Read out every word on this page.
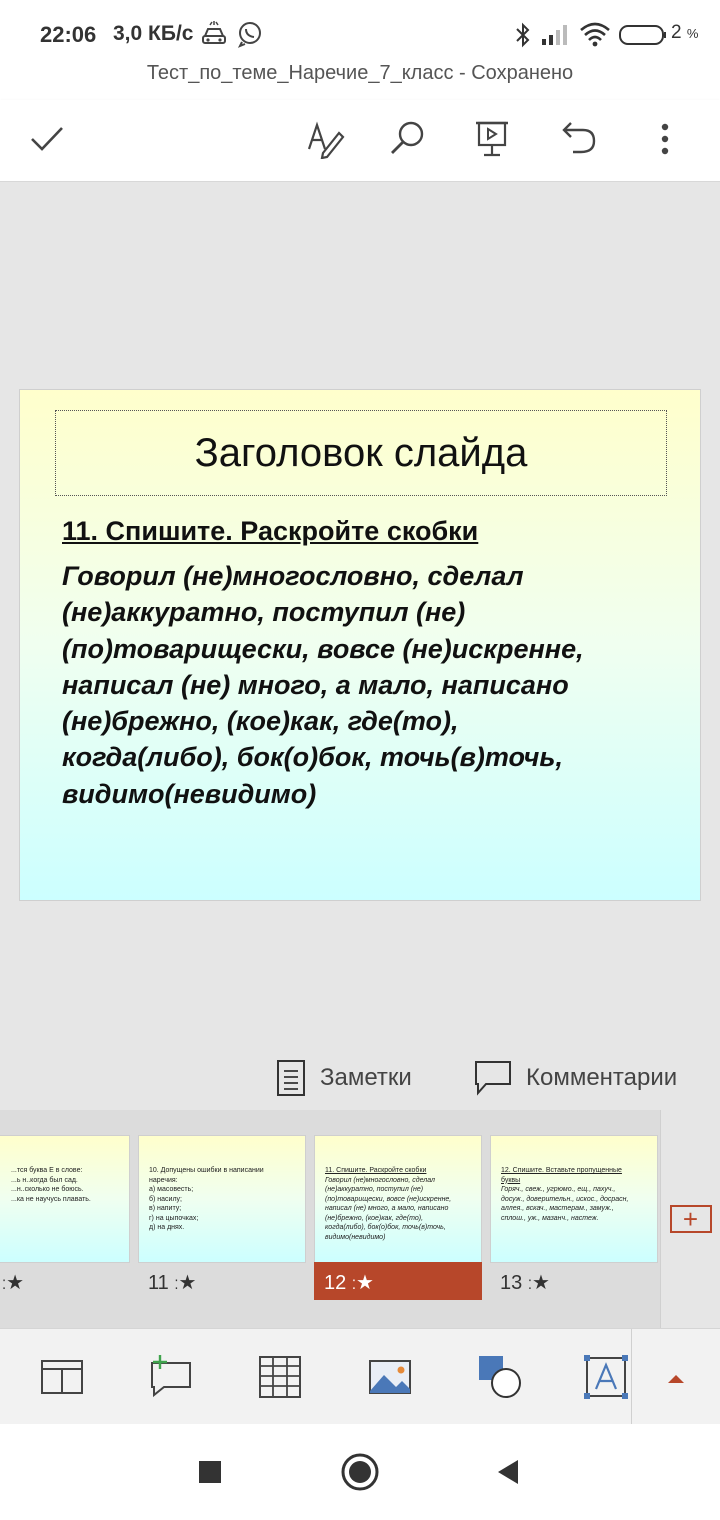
22:06 3,0 КБ/с	2 %
Тест_по_теме_Наречие_7_класс - Сохранено
Заголовок слайда
11. Спишите. Раскройте скобки
Говорил (не)многословно, сделал
(не)аккуратно, поступил (не)
(по)товарищески, вовсе (не)искренне,
написал (не) много, а мало, написано
(не)брежно, (кое)как, где(то),
когда(либо), бок(о)бок, точь(в)точь,
видимо(невидимо)
Заметки	Комментарии
...тся буква Е в слове:
...ь н..когда был сад.
...н..сколько не боюсь.
...ка не научусь плавать.
⁚★
10. Допущены ошибки в написании
наречия:
а) масовесть;
б) насилу;
в) напиту;
г) на цыпочках;
д) на днях.
11 ⁚★
11. Спишите. Раскройте скобки
Говорил (не)многословно, сделал
(не)аккуратно, поступил (не)
(по)товарищески, вовсе (не)искренне,
написал (не) много, а мало, написано
(не)брежно, (кое)как, где(то),
когда(либо), бок(о)бок, точь(в)точь,
видимо(невидимо)
12 ⁚★
12. Спишите. Вставьте пропущенные
буквы
Горяч., свеж., угрюмо., ещ., пахуч.,
досуж., доверительн., искос., досрасн,
аллея., вскач., мастерам., замуж.,
сплош., уж., мазанч., настеж.
13 ⁚★
+
